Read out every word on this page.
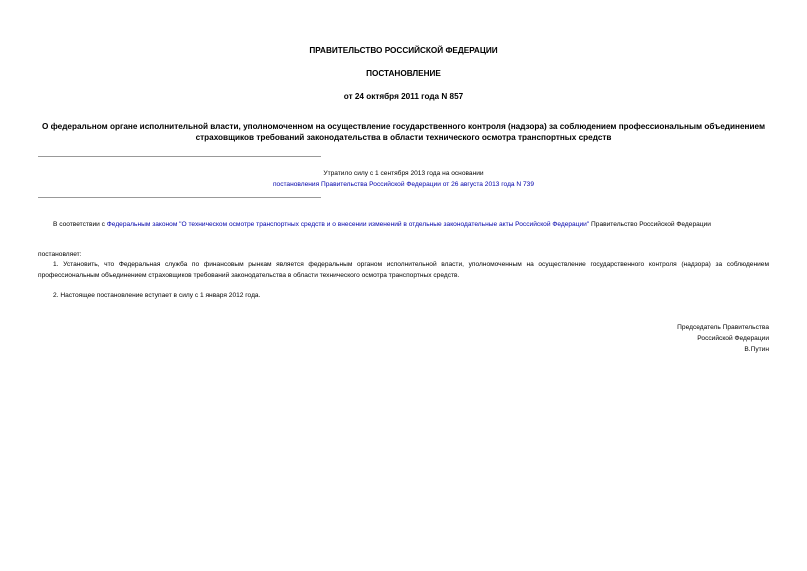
ПРАВИТЕЛЬСТВО РОССИЙСКОЙ ФЕДЕРАЦИИ
ПОСТАНОВЛЕНИЕ
от 24 октября 2011 года N 857
О федеральном органе исполнительной власти, уполномоченном на осуществление государственного контроля (надзора) за соблюдением профессиональным объединением страховщиков требований законодательства в области технического осмотра транспортных средств
Утратило силу с 1 сентября 2013 года на основании
постановления Правительства Российской Федерации от 26 августа 2013 года N 739
В соответствии с Федеральным законом "О техническом осмотре транспортных средств и о внесении изменений в отдельные законодательные акты Российской Федерации" Правительство Российской Федерации
постановляет:
1. Установить, что Федеральная служба по финансовым рынкам является федеральным органом исполнительной власти, уполномоченным на осуществление государственного контроля (надзора) за соблюдением профессиональным объединением страховщиков требований законодательства в области технического осмотра транспортных средств.
2. Настоящее постановление вступает в силу с 1 января 2012 года.
Председатель Правительства
Российской Федерации
В.Путин
